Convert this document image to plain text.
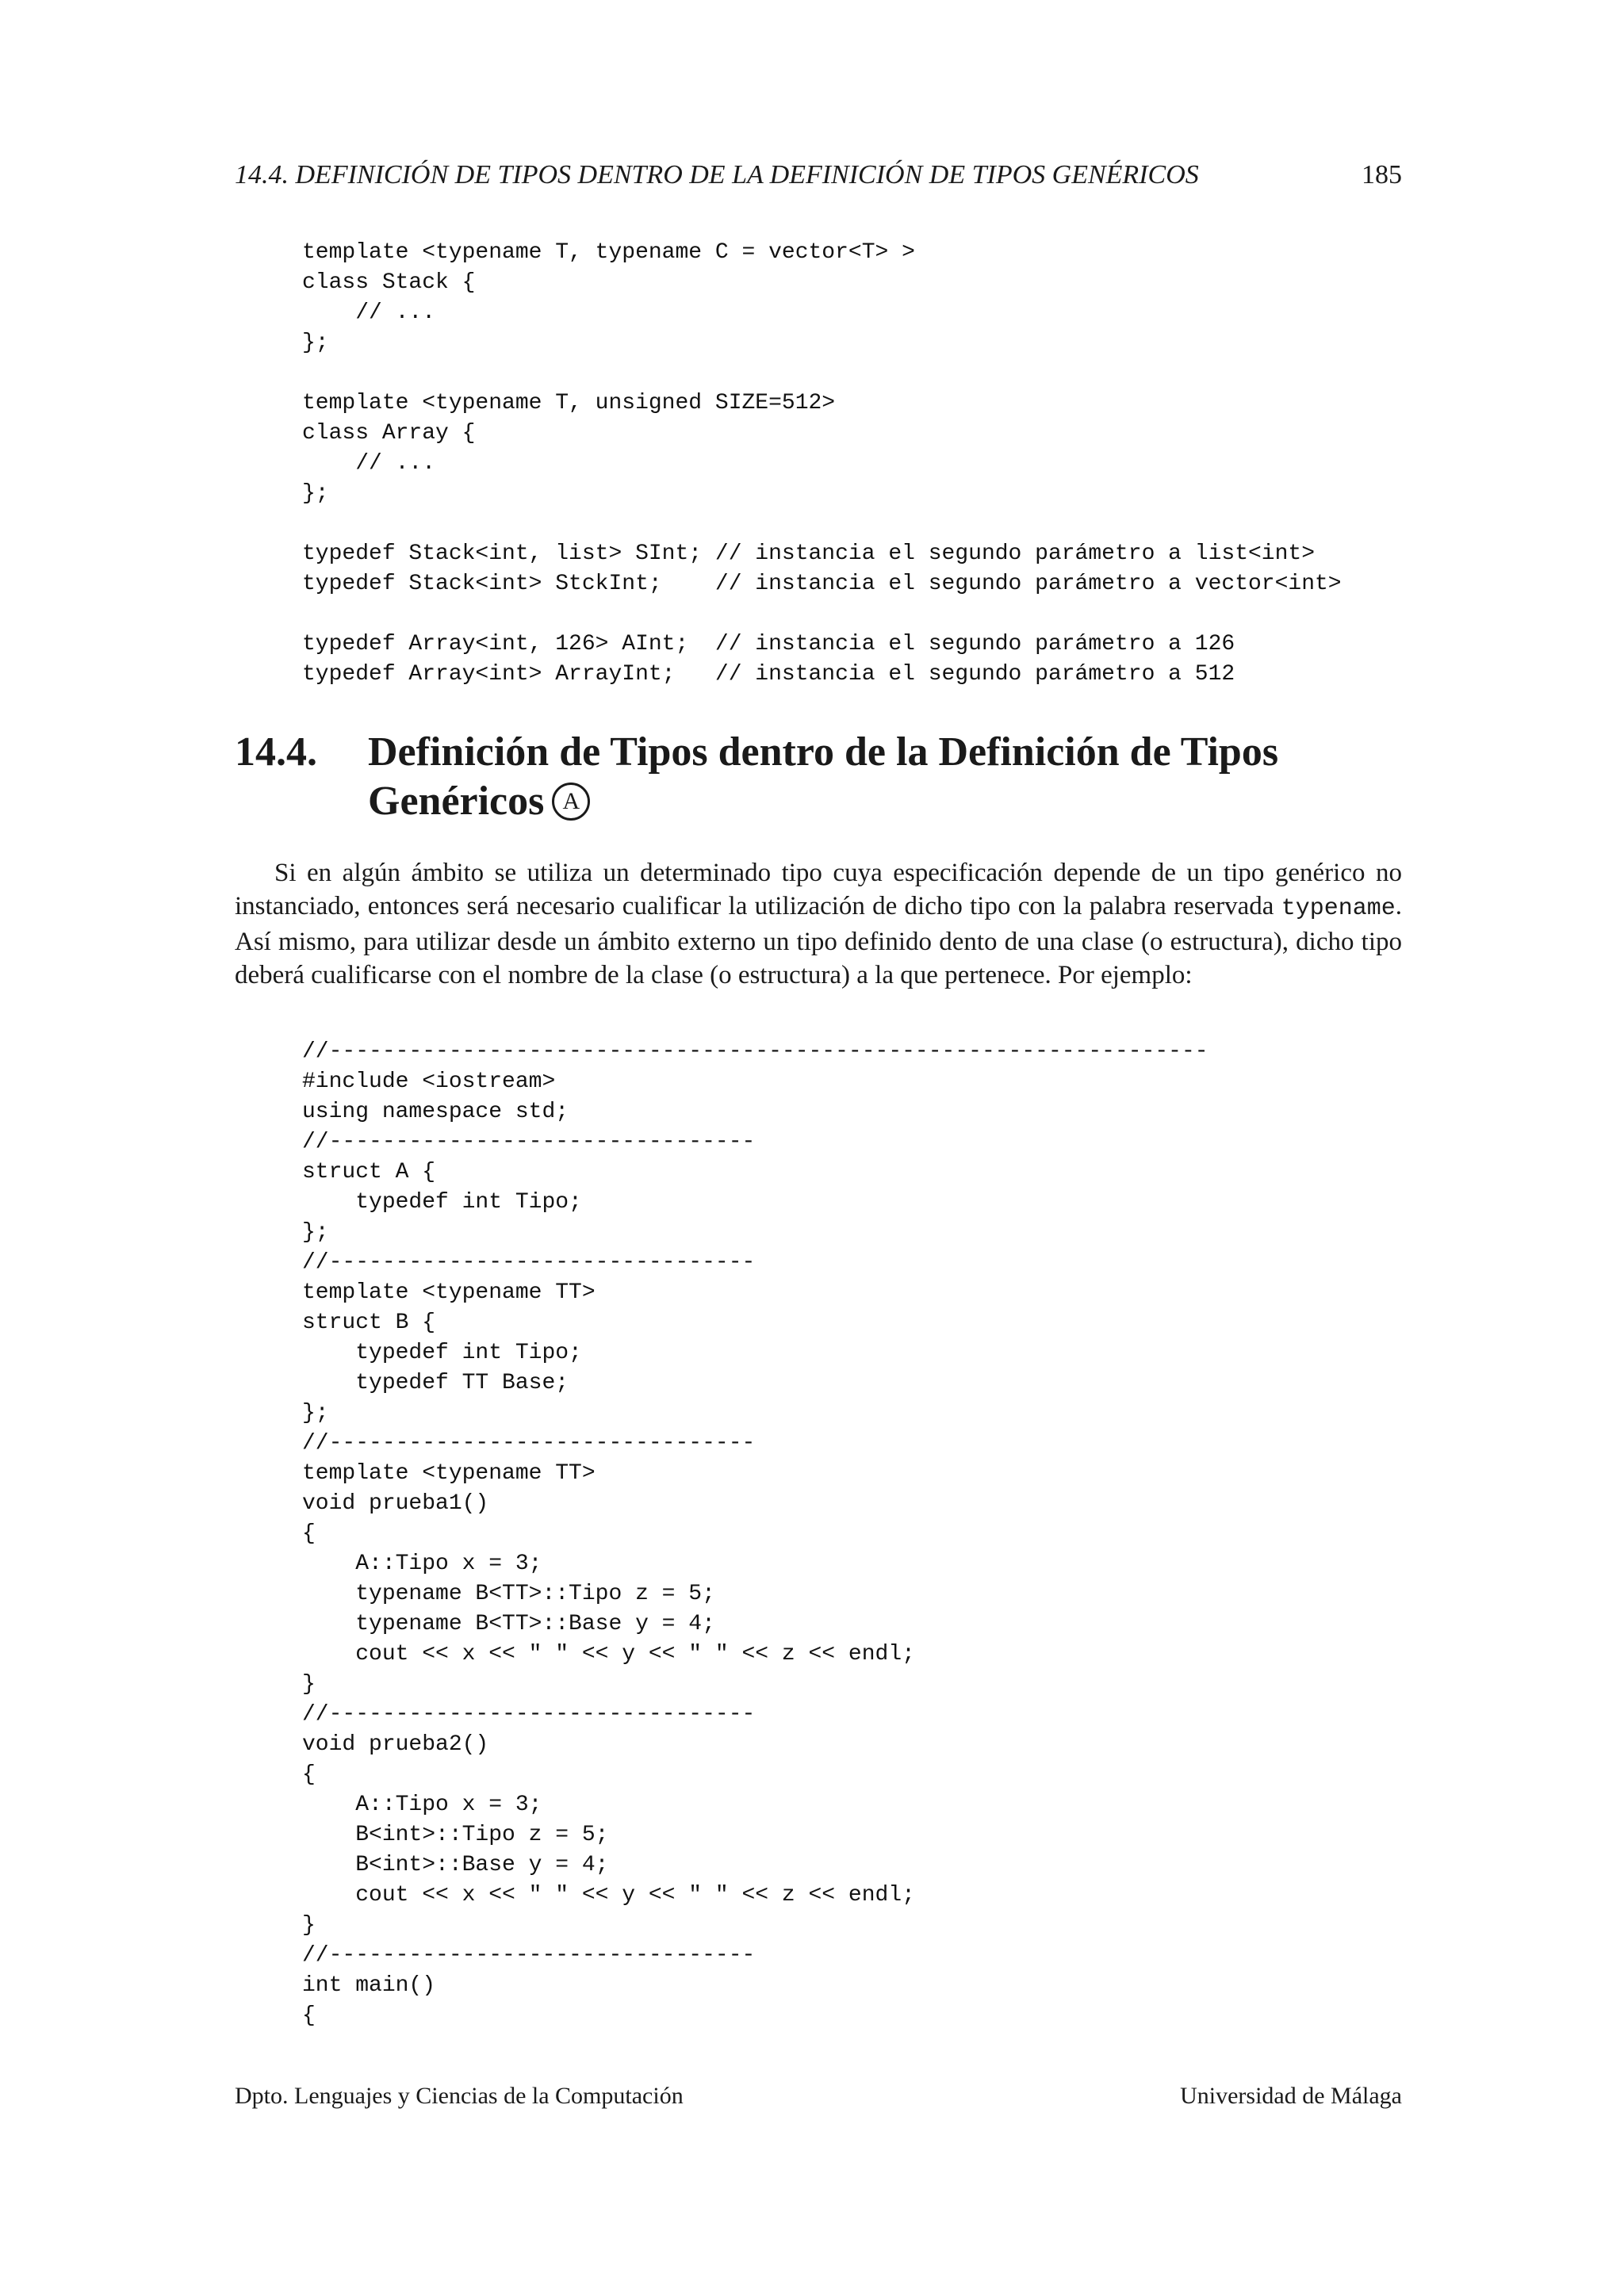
14.4. DEFINICIÓN DE TIPOS DENTRO DE LA DEFINICIÓN DE TIPOS GENÉRICOS	185
template <typename T, typename C = vector<T> >
class Stack {
// ...
};

template <typename T, unsigned SIZE=512>
class Array {
// ...
};

typedef Stack<int, list> SInt; // instancia el segundo parámetro a list<int>
typedef Stack<int> StckInt;    // instancia el segundo parámetro a vector<int>

typedef Array<int, 126> AInt;  // instancia el segundo parámetro a 126
typedef Array<int> ArrayInt;   // instancia el segundo parámetro a 512
14.4. Definición de Tipos dentro de la Definición de Tipos
Genéricos A

Si en algún ámbito se utiliza un determinado tipo cuya especificación depende de un tipo genérico no instanciado, entonces será necesario cualificar la utilización de dicho tipo con la palabra reservada typename. Así mismo, para utilizar desde un ámbito externo un tipo definido dento de una clase (o estructura), dicho tipo deberá cualificarse con el nombre de la clase (o estructura) a la que pertenece. Por ejemplo:

//------------------------------------------------------------------
#include <iostream>
using namespace std;
//--------------------------------
struct A {
typedef int Tipo;
};
//--------------------------------
template <typename TT>
struct B {
typedef int Tipo;
typedef TT Base;
};
//--------------------------------
template <typename TT>
void prueba1()
{
A::Tipo x = 3;
typename B<TT>::Tipo z = 5;
typename B<TT>::Base y = 4;
cout << x << " " << y << " " << z << endl;
}
//--------------------------------
void prueba2()
{
A::Tipo x = 3;
B<int>::Tipo z = 5;
B<int>::Base y = 4;
cout << x << " " << y << " " << z << endl;
}
//--------------------------------
int main()
{
Dpto. Lenguajes y Ciencias de la Computación	Universidad de Málaga
